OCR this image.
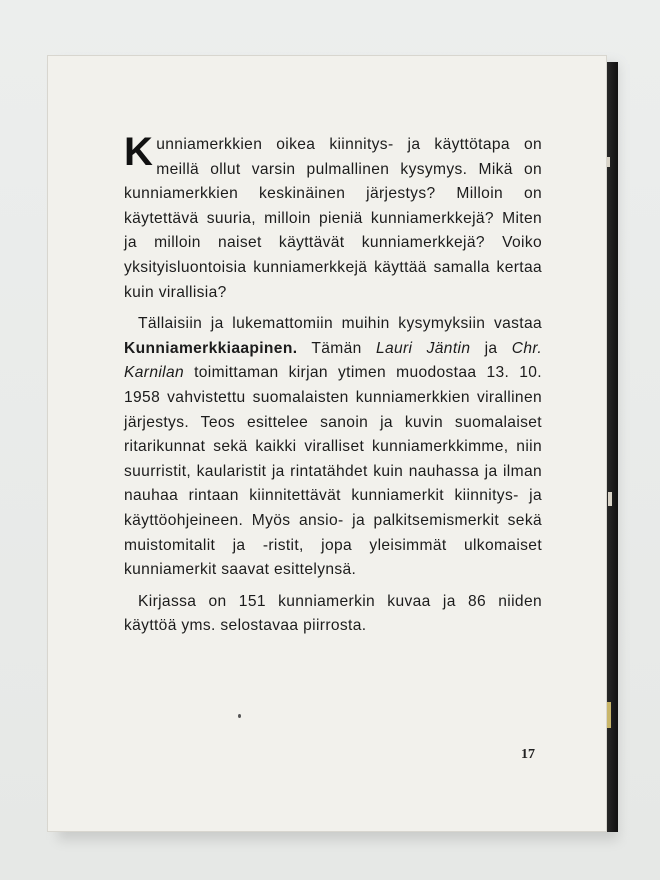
Kunniamerkkien oikea kiinnitys- ja käyttötapa on meillä ollut varsin pulmallinen kysymys. Mikä on kunniamerkkien keskinäinen järjestys? Milloin on käytettävä suuria, milloin pieniä kunniamerkkejä? Miten ja milloin naiset käyttävät kunniamerkkejä? Voiko yksityisluontoisia kunniamerkkejä käyttää samalla kertaa kuin virallisia?

Tällaisiin ja lukemattomiin muihin kysymyksiin vastaa Kunniamerkkiaapinen. Tämän Lauri Jäntin ja Chr. Karnilan toimittaman kirjan ytimen muodostaa 13. 10. 1958 vahvistettu suomalaisten kunniamerkkien virallinen järjestys. Teos esittelee sanoin ja kuvin suomalaiset ritarikunnat sekä kaikki viralliset kunniamerkkimme, niin suurristit, kaularistit ja rintatähdet kuin nauhassa ja ilman nauhaa rintaan kiinnitettävät kunniamerkit kiinnitys- ja käyttöohjeineen. Myös ansio- ja palkitsemismerkit sekä muistomitalit ja -ristit, jopa yleisimmät ulkomaiset kunniamerkit saavat esittelynsä.

Kirjassa on 151 kunniamerkin kuvaa ja 86 niiden käyttöä yms. selostavaa piirrosta.

17
